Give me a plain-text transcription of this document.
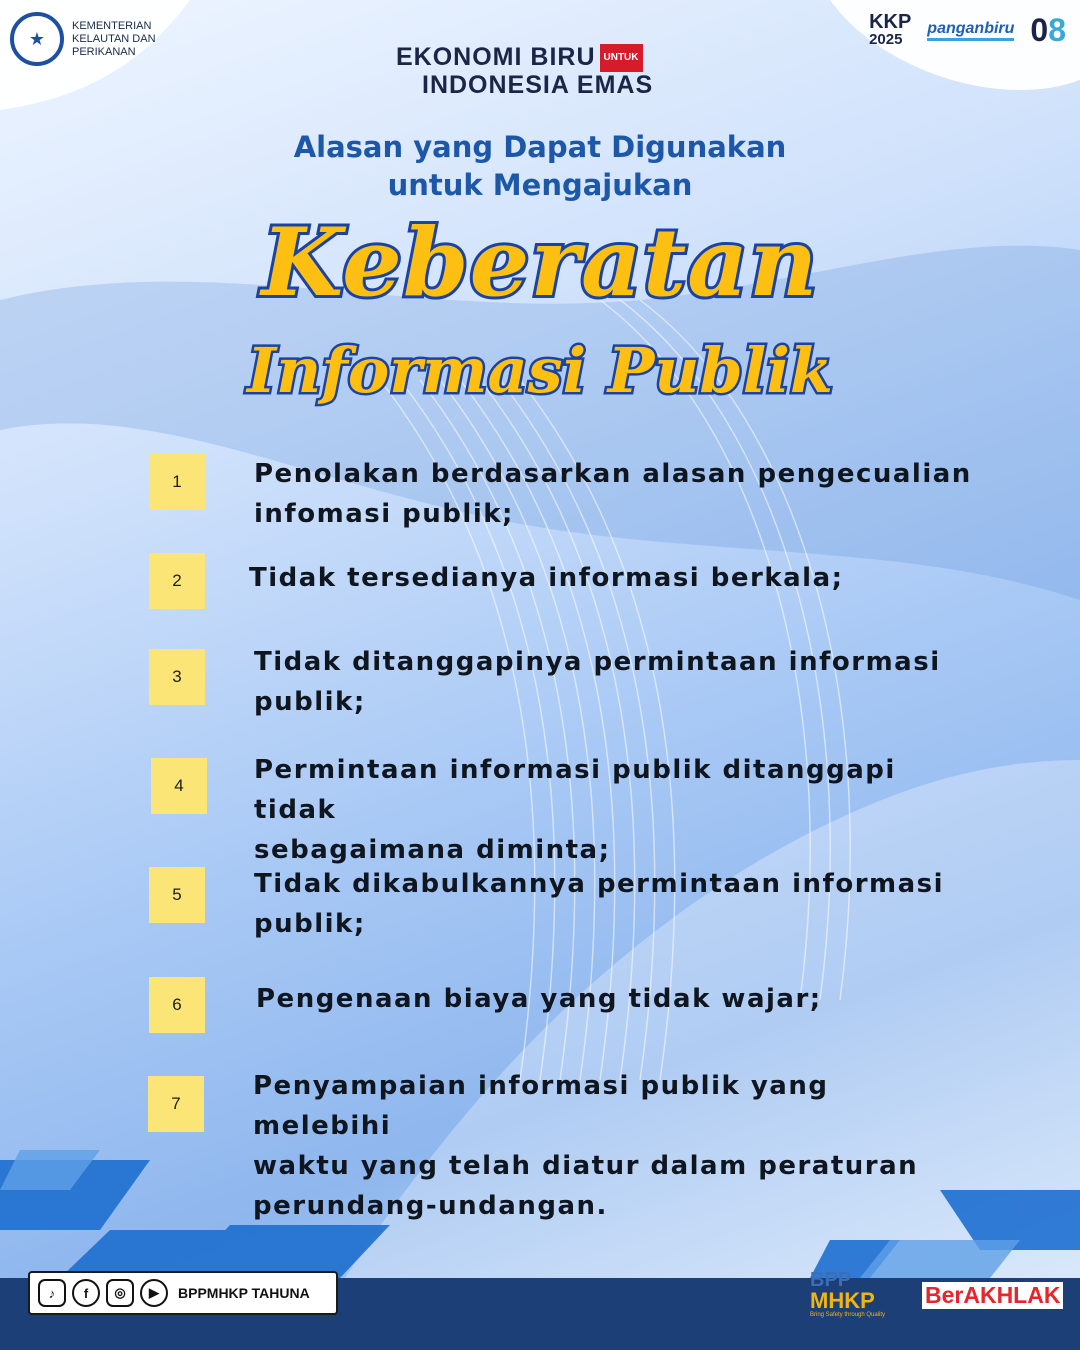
★
KEMENTERIAN KELAUTAN DAN PERIKANAN	EKONOMI BIRU UNTUK
INDONESIA EMAS
KKP
2025
panganbiru 08
Alasan yang Dapat Digunakan
untuk Mengajukan
Keberatan
Informasi Publik
1	Penolakan berdasarkan alasan pengecualian
infomasi publik;
2	Tidak tersedianya informasi berkala;
3	Tidak ditanggapinya permintaan informasi
publik;
4
Permintaan informasi publik ditanggapi tidak
sebagaimana diminta;
5	Tidak dikabulkannya permintaan informasi
publik;
6	Pengenaan biaya yang tidak wajar;
7
Penyampaian informasi publik yang melebihi
waktu yang telah diatur dalam peraturan
perundang-undangan.
♪	f	◎	▶	BPPMHKP TAHUNA
BPP
MHKP
Bring Safety through Quality
BerAKHLAK
